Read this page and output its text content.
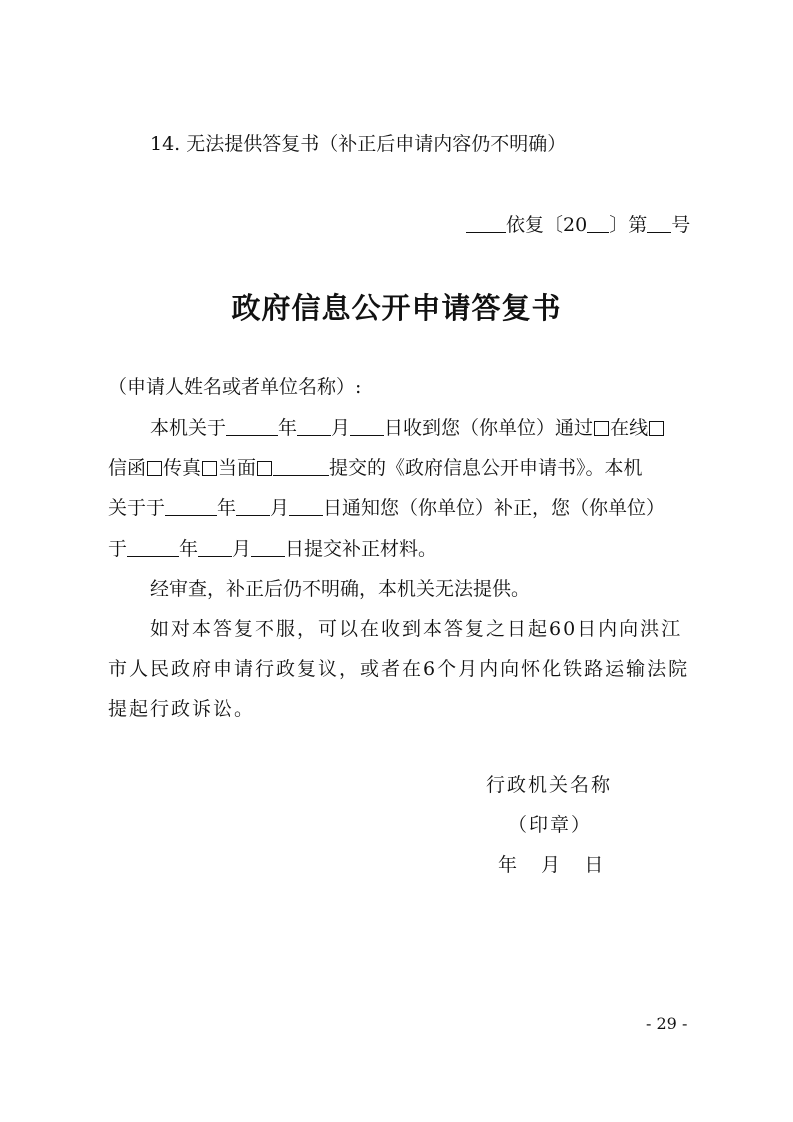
14. 无法提供答复书（补正后申请内容仍不明确）
依复〔20 〕第 号
政府信息公开申请答复书
（申请人姓名或者单位名称）:
本机关于	年 月 日收到您（你单位）通过 在线
信函 传真 当面	提交的《政府信息公开申请书》。本机
关于于	年 月 日通知您（你单位）补正，您（你单位）
于	年 月 日提交补正材料。
经审查，补正后仍不明确，本机关无法提供。
如对本答复不服，可以在收到本答复之日起60日内向洪江
市人民政府申请行政复议，或者在6个月内向怀化铁路运输法院
提起行政诉讼。
行政机关名称
（印章）
年    月    日
- 29 -
